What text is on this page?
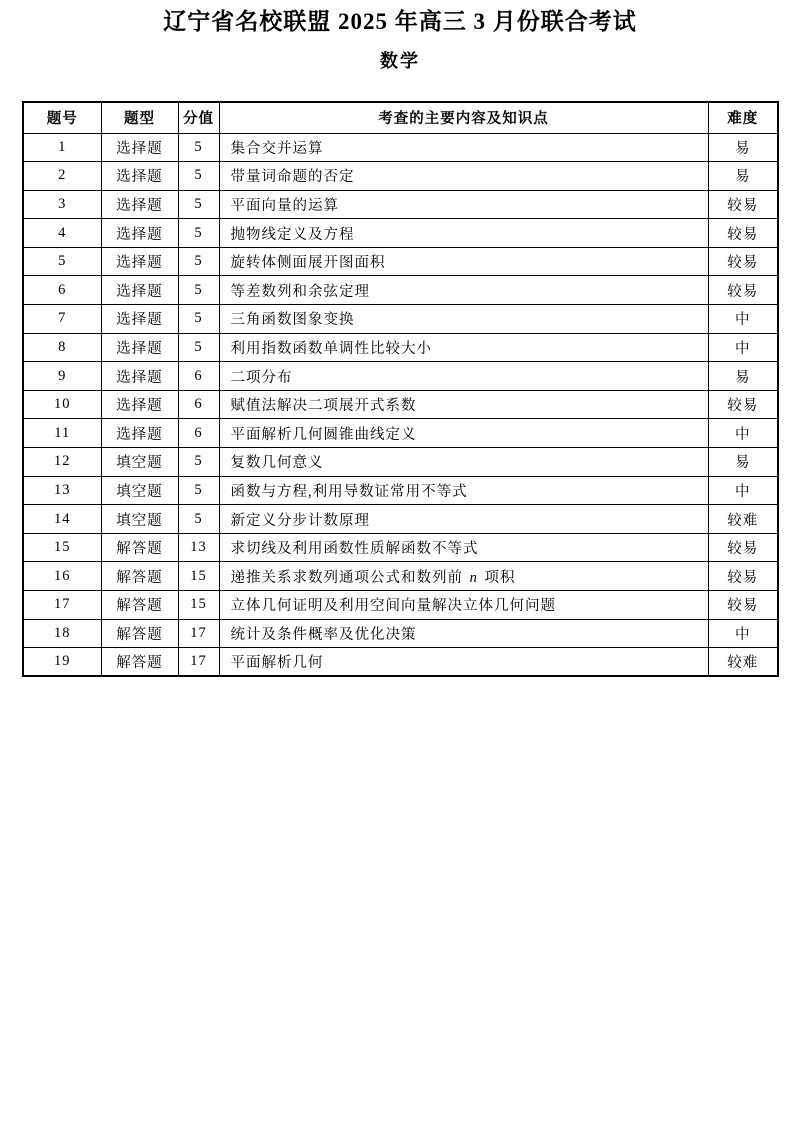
辽宁省名校联盟 2025 年高三 3 月份联合考试
数学
题号	题型	分值	考查的主要内容及知识点	难度
1	选择题	5	集合交并运算	易
2	选择题	5	带量词命题的否定	易
3	选择题	5	平面向量的运算	较易
4	选择题	5	抛物线定义及方程	较易
5	选择题	5	旋转体侧面展开图面积	较易
6	选择题	5	等差数列和余弦定理	较易
7	选择题	5	三角函数图象变换	中
8	选择题	5	利用指数函数单调性比较大小	中
9	选择题	6	二项分布	易
10	选择题	6	赋值法解决二项展开式系数	较易
11	选择题	6	平面解析几何圆锥曲线定义	中
12	填空题	5	复数几何意义	易
13	填空题	5	函数与方程,利用导数证常用不等式	中
14	填空题	5	新定义分步计数原理	较难
15	解答题	13	求切线及利用函数性质解函数不等式	较易
16	解答题	15	递推关系求数列通项公式和数列前 n 项积	较易
17	解答题	15	立体几何证明及利用空间向量解决立体几何问题	较易
18	解答题	17	统计及条件概率及优化决策	中
19	解答题	17	平面解析几何	较难
